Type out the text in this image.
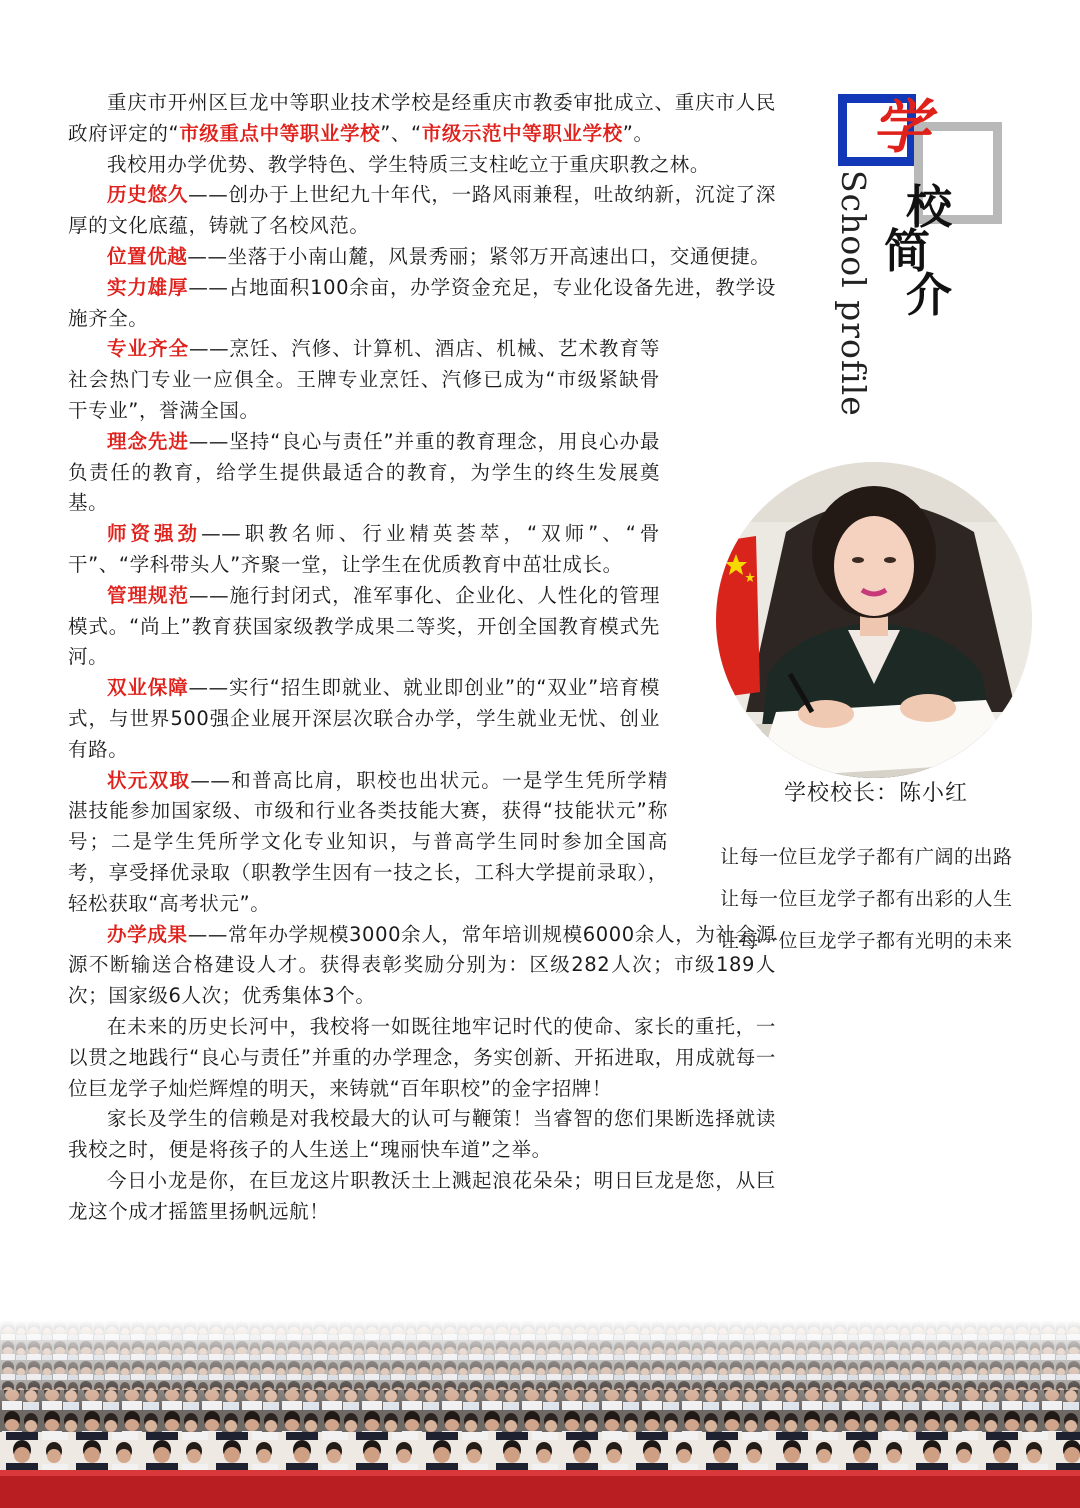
重庆市开州区巨龙中等职业技术学校是经重庆市教委审批成立、重庆市人民政府评定的“市级重点中等职业学校”、“市级示范中等职业学校”。

我校用办学优势、教学特色、学生特质三支柱屹立于重庆职教之林。

历史悠久——创办于上世纪九十年代，一路风雨兼程，吐故纳新，沉淀了深厚的文化底蕴，铸就了名校风范。

位置优越——坐落于小南山麓，风景秀丽；紧邻万开高速出口，交通便捷。

实力雄厚——占地面积100余亩，办学资金充足，专业化设备先进，教学设施齐全。

专业齐全——烹饪、汽修、计算机、酒店、机械、艺术教育等社会热门专业一应俱全。王牌专业烹饪、汽修已成为“市级紧缺骨干专业”，誉满全国。

理念先进——坚持“良心与责任”并重的教育理念，用良心办最负责任的教育，给学生提供最适合的教育，为学生的终生发展奠基。

师资强劲——职教名师、行业精英荟萃，“双师”、“骨干”、“学科带头人”齐聚一堂，让学生在优质教育中茁壮成长。

管理规范——施行封闭式，准军事化、企业化、人性化的管理模式。“尚上”教育获国家级教学成果二等奖，开创全国教育模式先河。

双业保障——实行“招生即就业、就业即创业”的“双业”培育模式，与世界500强企业展开深层次联合办学，学生就业无忧、创业有路。

状元双取——和普高比肩，职校也出状元。一是学生凭所学精湛技能参加国家级、市级和行业各类技能大赛，获得“技能状元”称号；二是学生凭所学文化专业知识，与普高学生同时参加全国高考，享受择优录取（职教学生因有一技之长，工科大学提前录取），轻松获取“高考状元”。

办学成果——常年办学规模3000余人，常年培训规模6000余人，为社会源源不断输送合格建设人才。获得表彰奖励分别为：区级282人次；市级189人次；国家级6人次；优秀集体3个。

在未来的历史长河中，我校将一如既往地牢记时代的使命、家长的重托，一以贯之地践行“良心与责任”并重的办学理念，务实创新、开拓进取，用成就每一位巨龙学子灿烂辉煌的明天，来铸就“百年职校”的金字招牌！

家长及学生的信赖是对我校最大的认可与鞭策！当睿智的您们果断选择就读我校之时，便是将孩子的人生送上“瑰丽快车道”之举。

今日小龙是你，在巨龙这片职教沃土上溅起浪花朵朵；明日巨龙是您，从巨龙这个成才摇篮里扬帆远航！

学
校
简
介
School profile
学校校长：陈小红
让每一位巨龙学子都有广阔的出路
让每一位巨龙学子都有出彩的人生
让每一位巨龙学子都有光明的未来
